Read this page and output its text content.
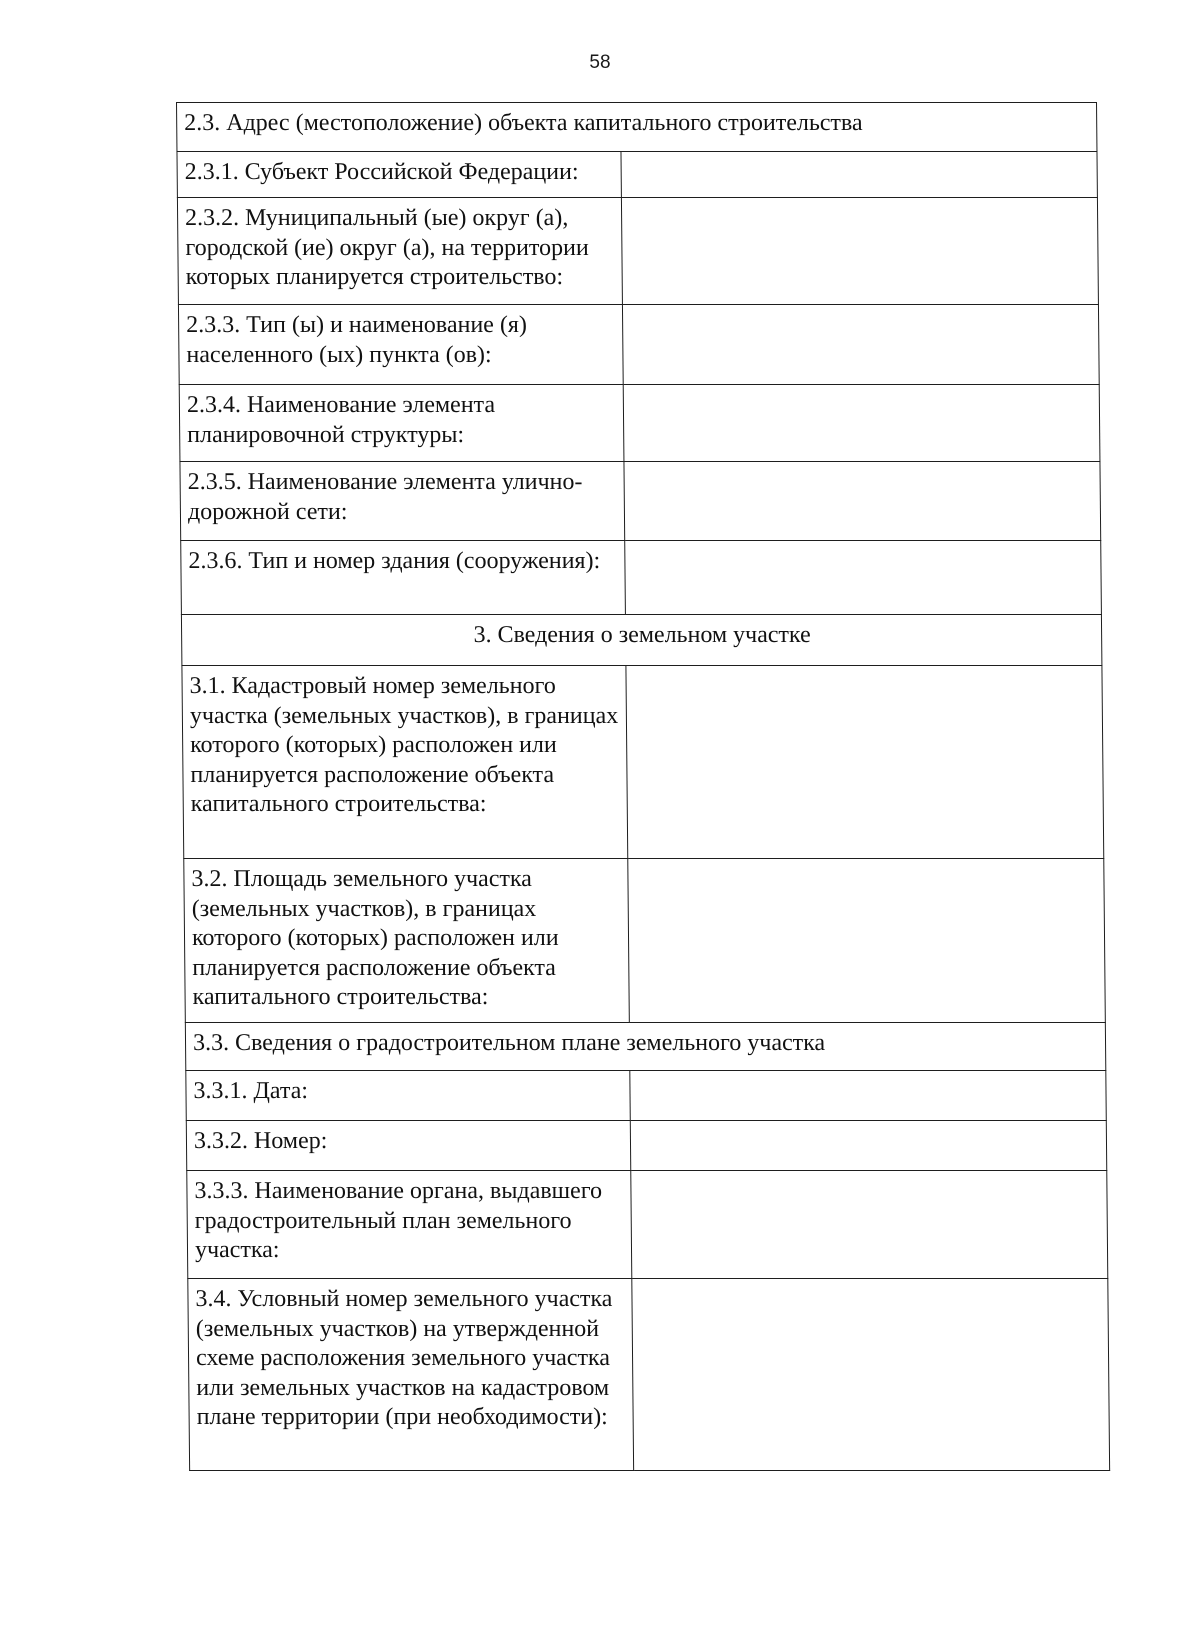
58
2.3. Адрес (местоположение) объекта капитального строительства	
2.3.1. Субъект Российской Федерации:	
2.3.2. Муниципальный (ые) округ (а), городской (ие) округ (а), на территории которых планируется строительство:	
2.3.3. Тип (ы) и наименование (я) населенного (ых) пункта (ов):	
2.3.4. Наименование элемента планировочной структуры:	
2.3.5. Наименование элемента улично-дорожной сети:	
2.3.6. Тип и номер здания (сооружения):	
3. Сведения о земельном участке	
3.1. Кадастровый номер земельного участка (земельных участков), в границах которого (которых) расположен или планируется расположение объекта капитального строительства:	
3.2. Площадь земельного участка (земельных участков), в границах которого (которых) расположен или планируется расположение объекта капитального строительства:	
3.3. Сведения о градостроительном плане земельного участка	
3.3.1. Дата:	
3.3.2. Номер:	
3.3.3. Наименование органа, выдавшего градостроительный план земельного участка:	
3.4. Условный номер земельного участка (земельных участков) на утвержденной схеме расположения земельного участка или земельных участков на кадастровом плане территории (при необходимости):	
